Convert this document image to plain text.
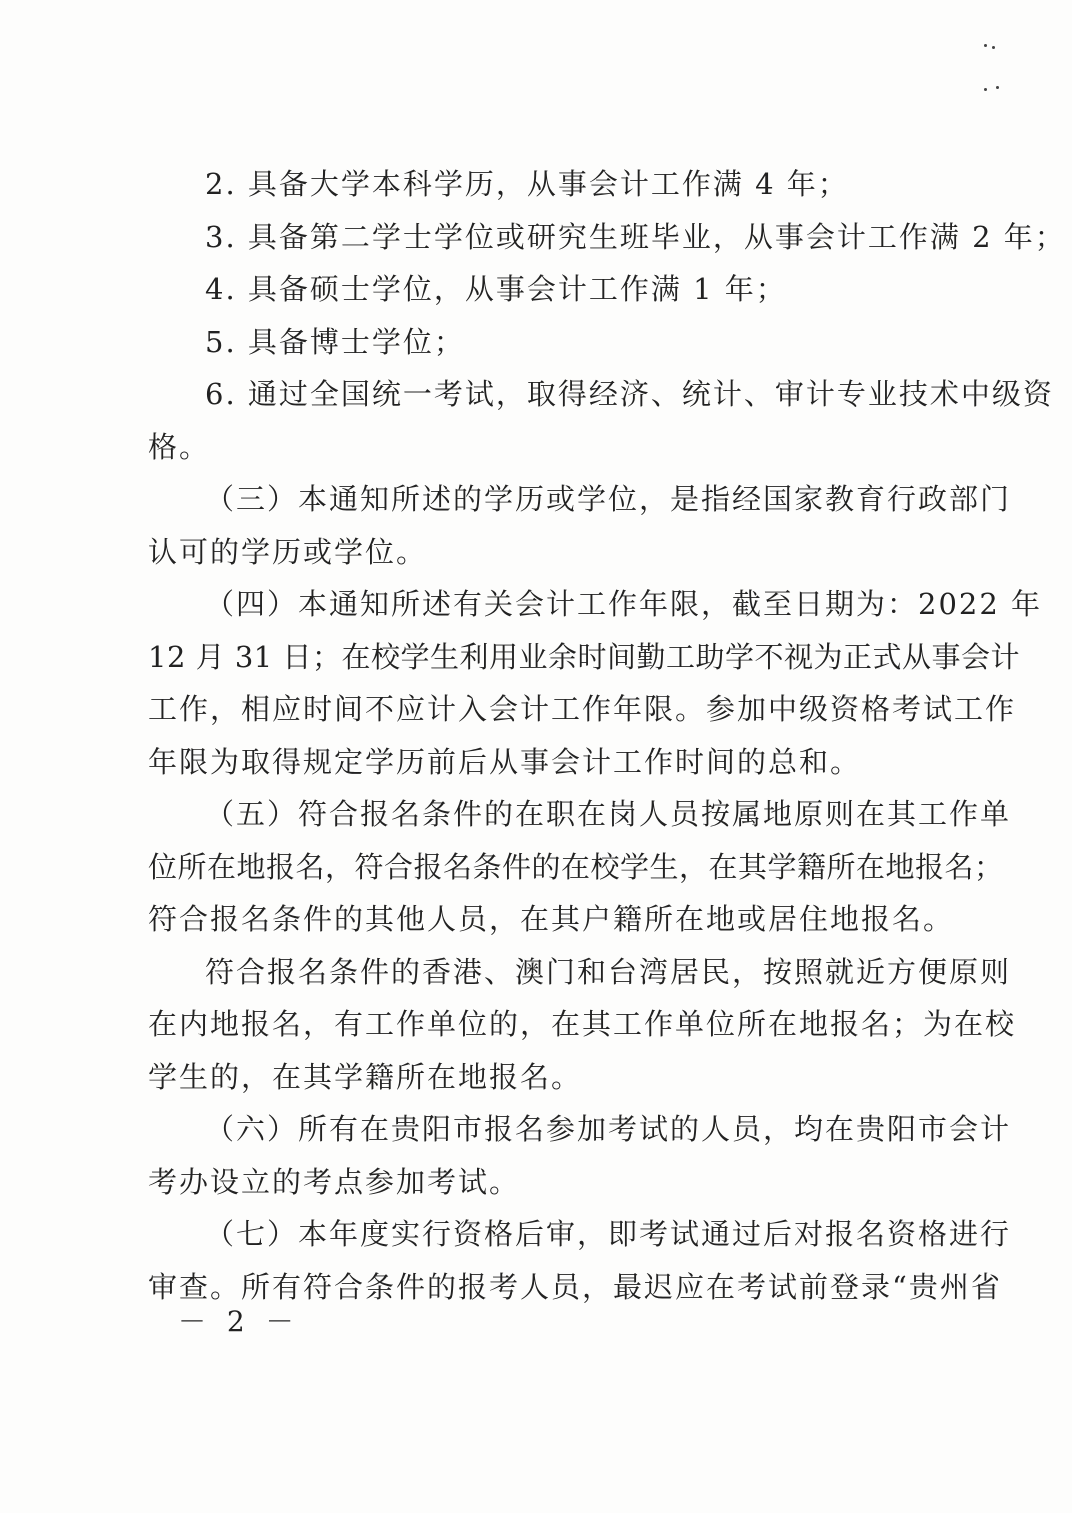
2. 具备大学本科学历，从事会计工作满 4 年；
3. 具备第二学士学位或研究生班毕业，从事会计工作满 2 年；
4. 具备硕士学位，从事会计工作满 1 年；
5. 具备博士学位；
6. 通过全国统一考试，取得经济、统计、审计专业技术中级资
格。
（三）本通知所述的学历或学位，是指经国家教育行政部门
认可的学历或学位。
（四）本通知所述有关会计工作年限，截至日期为：2022 年
12 月 31 日；在校学生利用业余时间勤工助学不视为正式从事会计
工作，相应时间不应计入会计工作年限。参加中级资格考试工作
年限为取得规定学历前后从事会计工作时间的总和。
（五）符合报名条件的在职在岗人员按属地原则在其工作单
位所在地报名，符合报名条件的在校学生，在其学籍所在地报名；
符合报名条件的其他人员，在其户籍所在地或居住地报名。
符合报名条件的香港、澳门和台湾居民，按照就近方便原则
在内地报名，有工作单位的，在其工作单位所在地报名；为在校
学生的，在其学籍所在地报名。
（六）所有在贵阳市报名参加考试的人员，均在贵阳市会计
考办设立的考点参加考试。
（七）本年度实行资格后审，即考试通过后对报名资格进行
审查。所有符合条件的报考人员，最迟应在考试前登录“贵州省
－ 2 －
